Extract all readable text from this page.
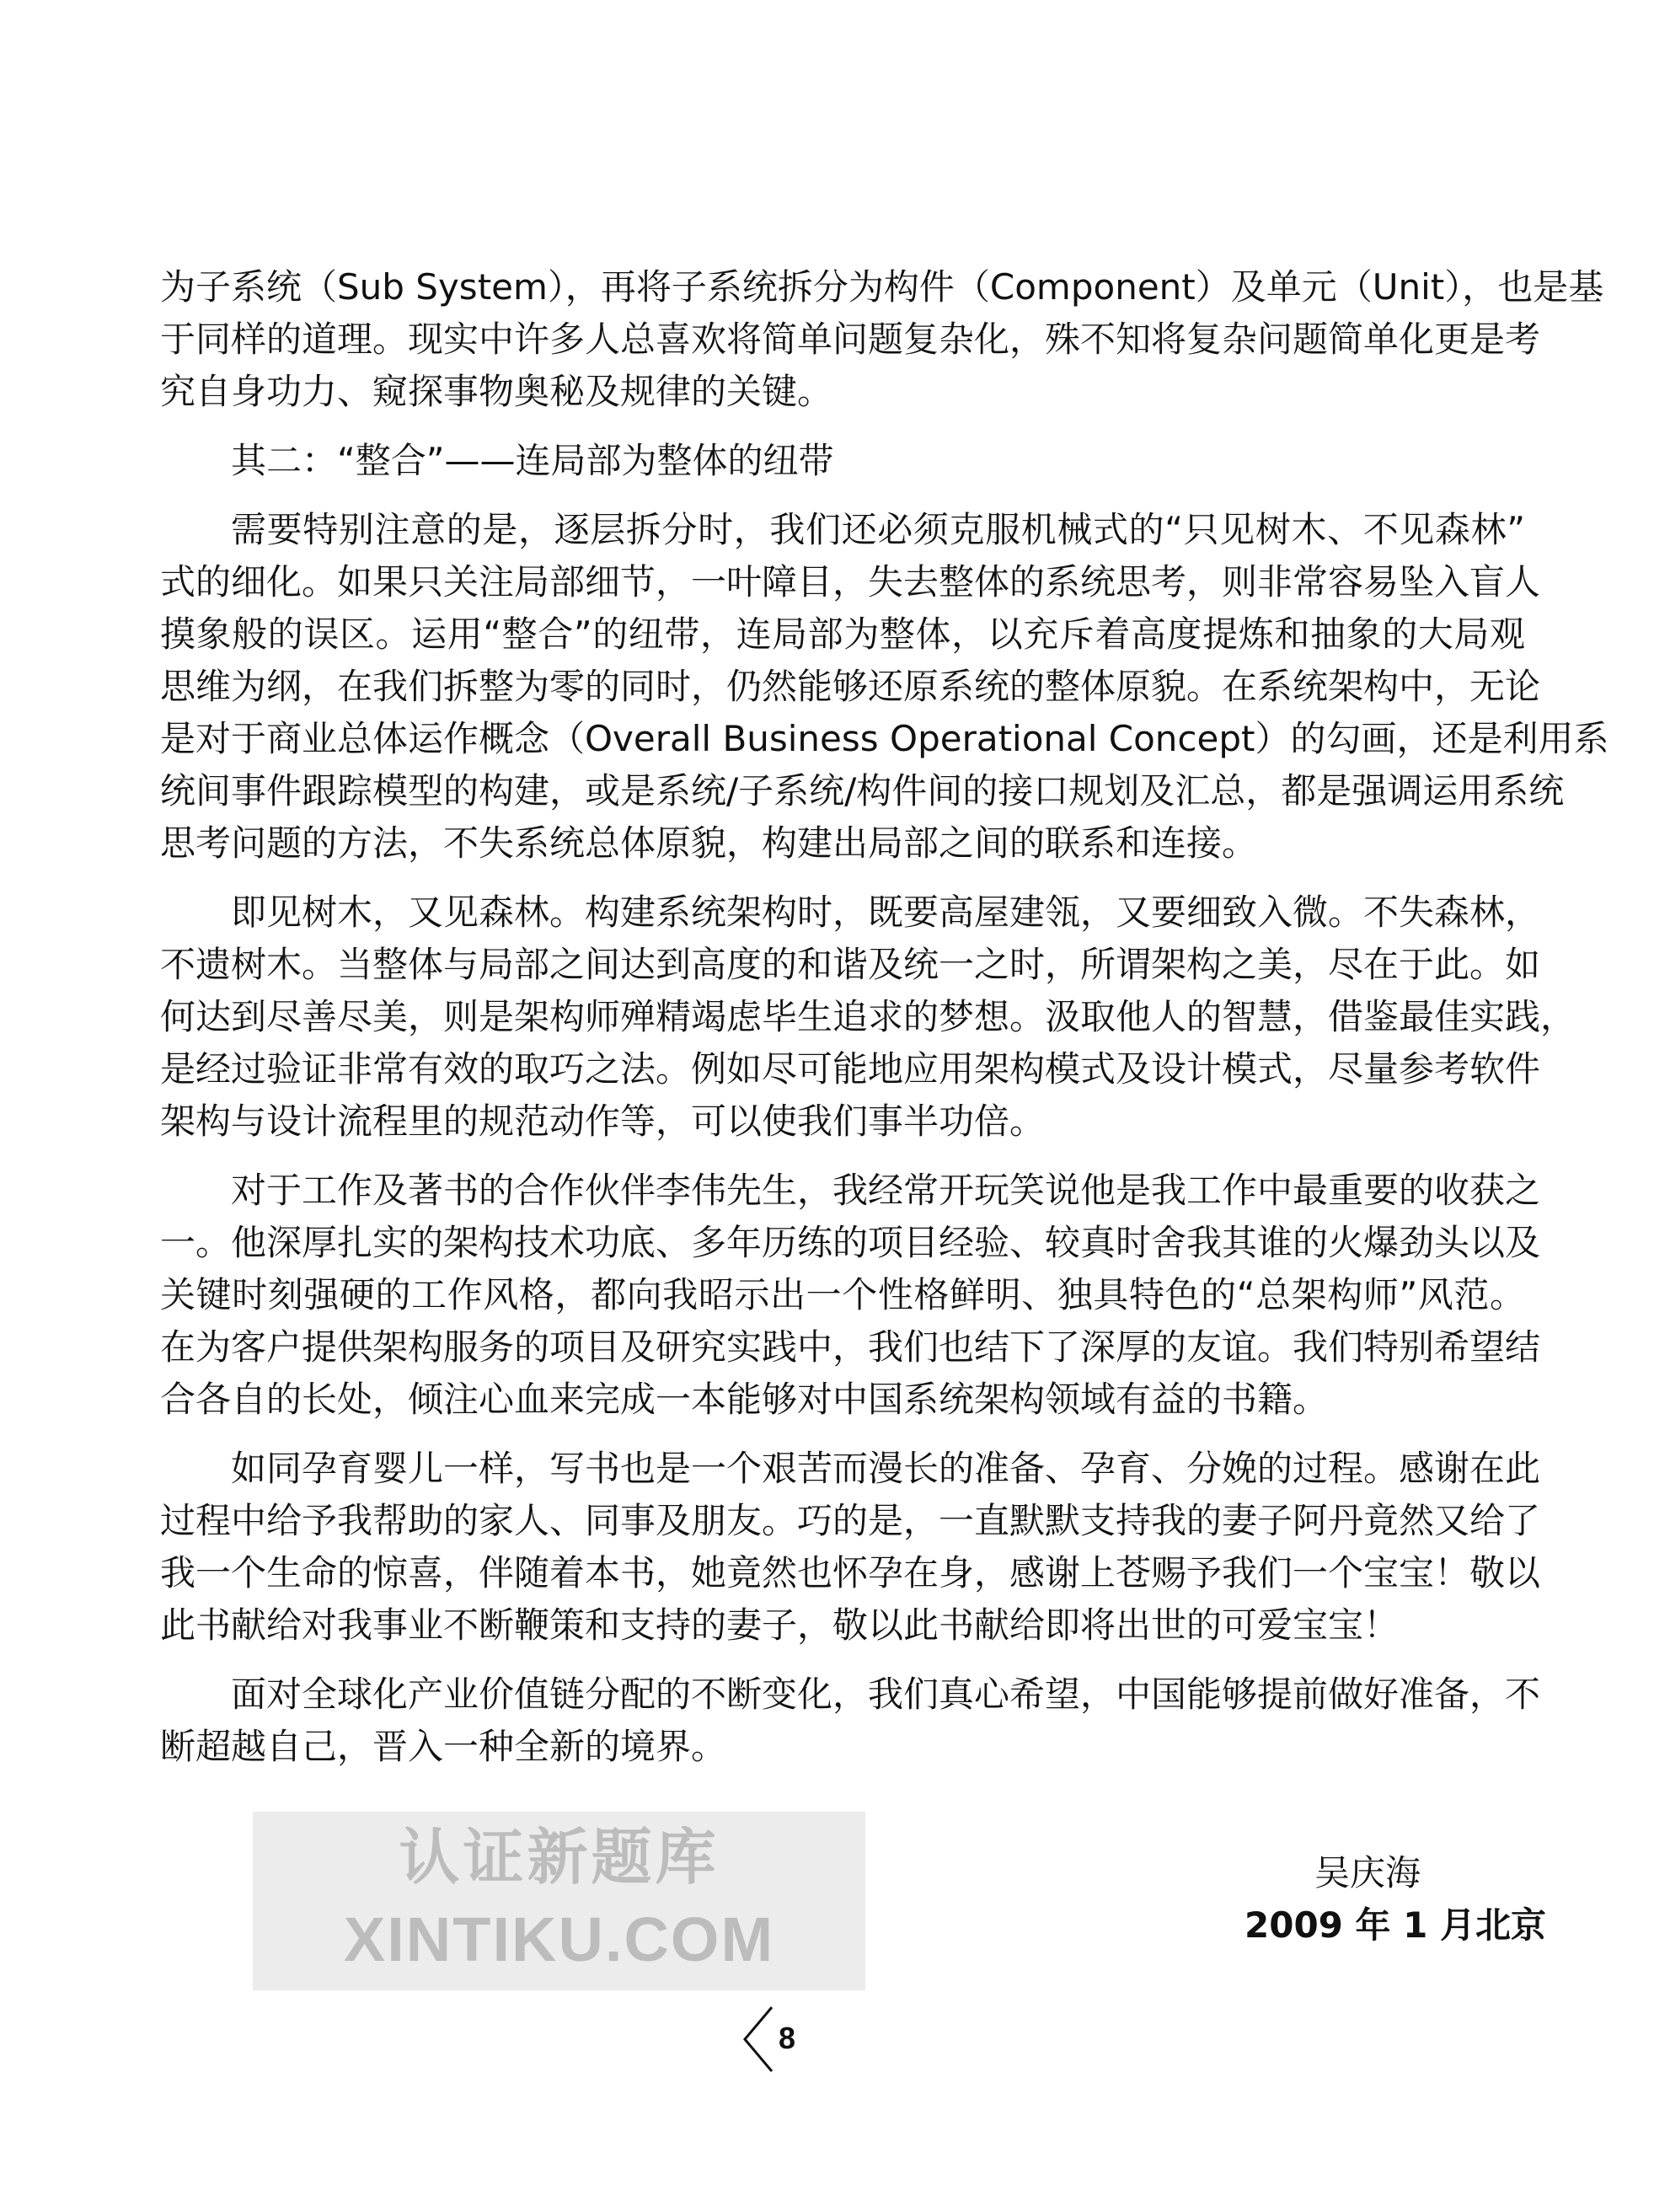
为子系统（Sub System），再将子系统拆分为构件（Component）及单元（Unit），也是基
于同样的道理。现实中许多人总喜欢将简单问题复杂化，殊不知将复杂问题简单化更是考
究自身功力、窥探事物奥秘及规律的关键。
其二：“整合”——连局部为整体的纽带
需要特别注意的是，逐层拆分时，我们还必须克服机械式的“只见树木、不见森林”
式的细化。如果只关注局部细节，一叶障目，失去整体的系统思考，则非常容易坠入盲人
摸象般的误区。运用“整合”的纽带，连局部为整体，以充斥着高度提炼和抽象的大局观
思维为纲，在我们拆整为零的同时，仍然能够还原系统的整体原貌。在系统架构中，无论
是对于商业总体运作概念（Overall Business Operational Concept）的勾画，还是利用系
统间事件跟踪模型的构建，或是系统/子系统/构件间的接口规划及汇总，都是强调运用系统
思考问题的方法，不失系统总体原貌，构建出局部之间的联系和连接。
即见树木，又见森林。构建系统架构时，既要高屋建瓴，又要细致入微。不失森林，
不遗树木。当整体与局部之间达到高度的和谐及统一之时，所谓架构之美，尽在于此。如
何达到尽善尽美，则是架构师殚精竭虑毕生追求的梦想。汲取他人的智慧，借鉴最佳实践，
是经过验证非常有效的取巧之法。例如尽可能地应用架构模式及设计模式，尽量参考软件
架构与设计流程里的规范动作等，可以使我们事半功倍。
对于工作及著书的合作伙伴李伟先生，我经常开玩笑说他是我工作中最重要的收获之
一。他深厚扎实的架构技术功底、多年历练的项目经验、较真时舍我其谁的火爆劲头以及
关键时刻强硬的工作风格，都向我昭示出一个性格鲜明、独具特色的“总架构师”风范。
在为客户提供架构服务的项目及研究实践中，我们也结下了深厚的友谊。我们特别希望结
合各自的长处，倾注心血来完成一本能够对中国系统架构领域有益的书籍。
如同孕育婴儿一样，写书也是一个艰苦而漫长的准备、孕育、分娩的过程。感谢在此
过程中给予我帮助的家人、同事及朋友。巧的是，一直默默支持我的妻子阿丹竟然又给了
我一个生命的惊喜，伴随着本书，她竟然也怀孕在身，感谢上苍赐予我们一个宝宝！敬以
此书献给对我事业不断鞭策和支持的妻子，敬以此书献给即将出世的可爱宝宝！
面对全球化产业价值链分配的不断变化，我们真心希望，中国能够提前做好准备，不
断超越自己，晋入一种全新的境界。
认证新题库
XINTIKU.COM
吴庆海
2009 年 1 月北京
8
